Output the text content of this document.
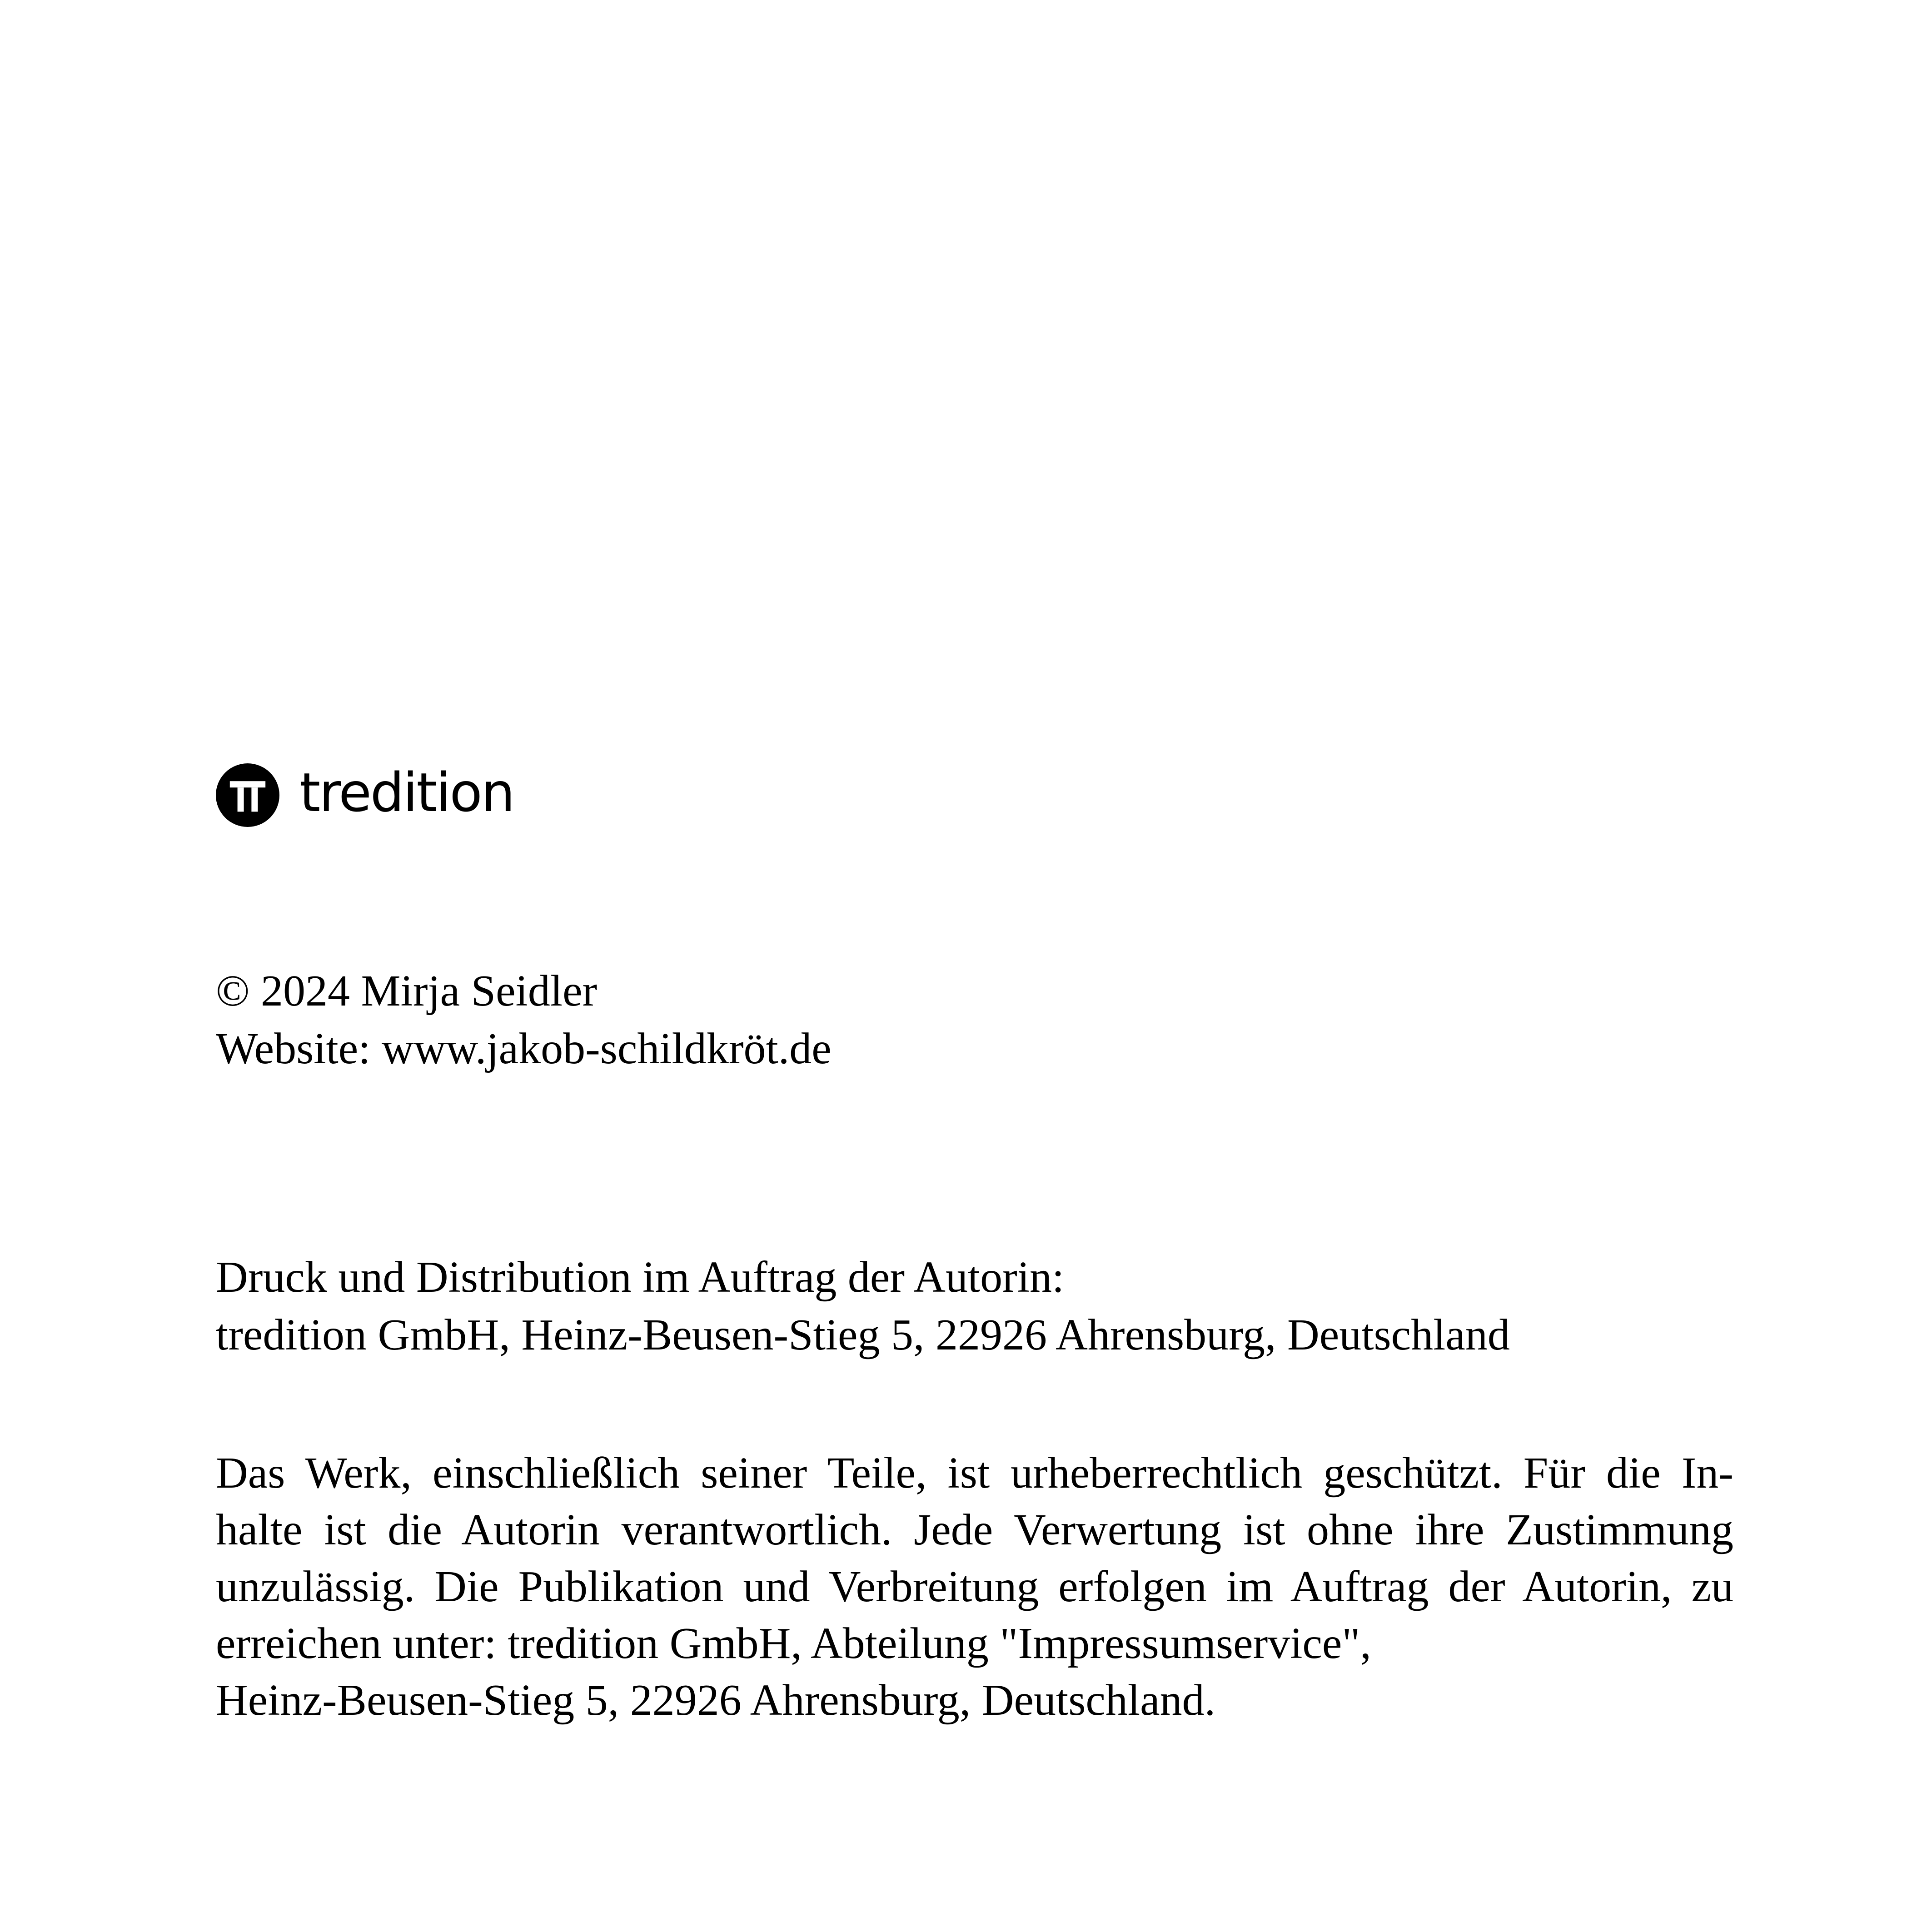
tredition
© 2024 Mirja Seidler
Website: www.jakob-schildkröt.de
Druck und Distribution im Auftrag der Autorin:
tredition GmbH, Heinz-Beusen-Stieg 5, 22926 Ahrensburg, Deutschland
Das Werk, einschließlich seiner Teile, ist urheberrechtlich geschützt. Für die In-
halte ist die Autorin verantwortlich. Jede Verwertung ist ohne ihre Zustimmung
unzulässig. Die Publikation und Verbreitung erfolgen im Auftrag der Autorin, zu
erreichen unter: tredition GmbH, Abteilung "Impressumservice",
Heinz-Beusen-Stieg 5, 22926 Ahrensburg, Deutschland.
